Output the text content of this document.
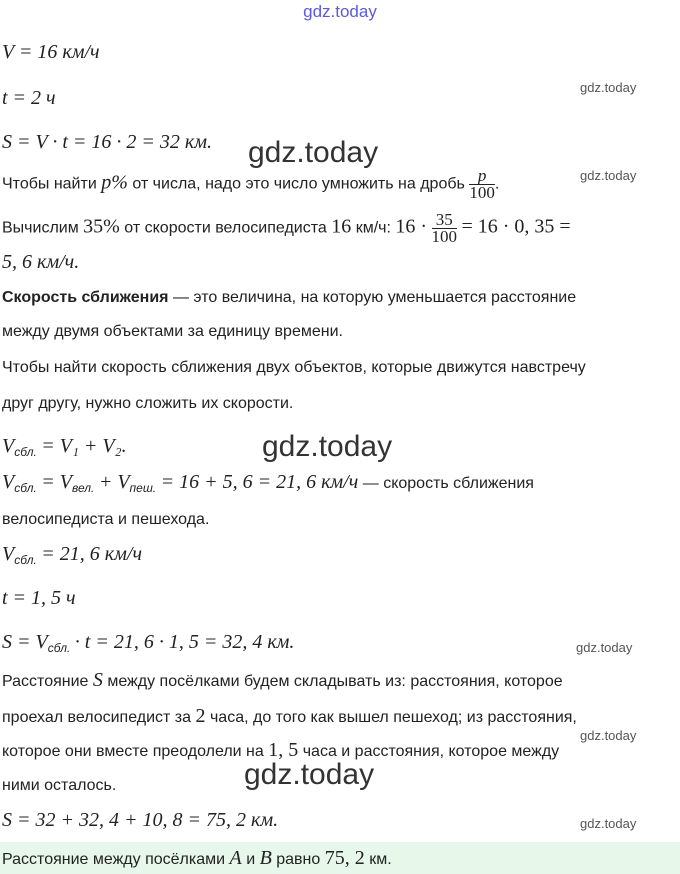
gdz.today
V = 16 км/ч
gdz.today
t = 2 ч
S = V · t = 16 · 2 = 32 км.	gdz.today
Чтобы найти p% от числа, надо это число умножить на дробь $\frac{p}{100}$ .
gdz.today
Вычислим 35% от скорости велосипедиста 16 км/ч: $16 \cdot \frac{35}{100} = 16 \cdot 0$, 35 =
5, 6 км/ч.
Скорость сближения — это величина, на которую уменьшается расстояние
между двумя объектами за единицу времени.
Чтобы найти скорость сближения двух объектов, которые движутся навстречу
друг другу, нужно сложить их скорости.
$V_{сбл.} = V_1 + V_2$.	gdz.today
$V_{сбл.} = V_{вел.} + V_{пеш.} = 16 + 5$, 6 = 21, 6 км/ч — скорость сближения
велосипедиста и пешехода.
$V_{сбл.} = 21$, 6 км/ч
t = 1, 5 ч
$S = V_{сбл.} \cdot t = 21$, 6 · 1, 5 = 32, 4 км.	gdz.today
Расстояние S между посёлками будем складывать из: расстояния, которое
проехал велосипедист за 2 часа, до того как вышел пешеход; из расстояния,
gdz.today
которое они вместе преодолели на 1, 5 часа и расстояния, которое между
gdz.today
ними осталось.
S = 32 + 32, 4 + 10, 8 = 75, 2 км.	gdz.today
Расстояние между посёлками A и B равно 75, 2 км.
